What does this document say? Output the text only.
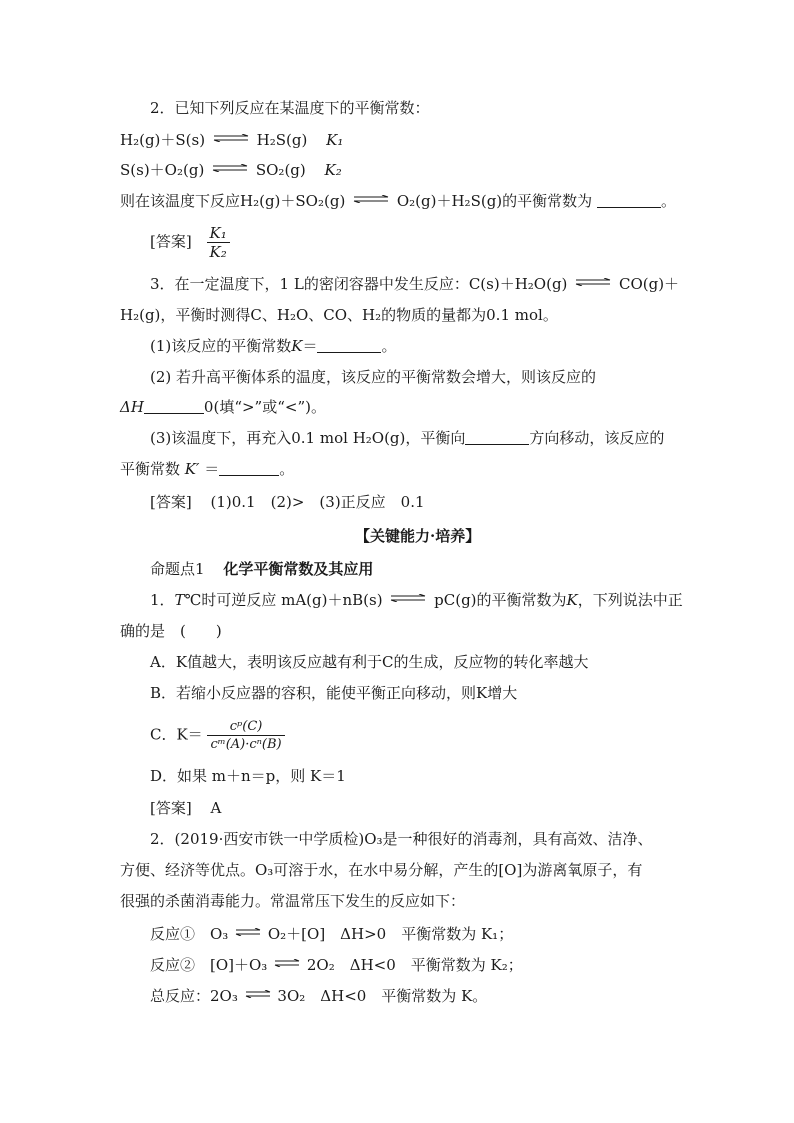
2．已知下列反应在某温度下的平衡常数：
H₂(g)＋S(s) ⇌ H₂S(g) K₁
S(s)＋O₂(g) ⇌ SO₂(g) K₂
则在该温度下反应H₂(g)＋SO₂(g) ⇌ O₂(g)＋H₂S(g)的平衡常数为	。
[答案] $\frac{\text{K₁}}{\text{K₂}}$
3．在一定温度下，1 L的密闭容器中发生反应：C(s)＋H₂O(g) ⇌ CO(g)＋
H₂(g)，平衡时测得C、H₂O、CO、H₂的物质的量都为0.1 mol。
(1)该反应的平衡常数K＝	。
(2) 若升高平衡体系的温度，该反应的平衡常数会增大，则该反应的
ΔH	0(填“>”或“<”)。
(3)该温度下，再充入0.1 mol H₂O(g)，平衡向	方向移动，该反应的
平衡常数 K′ ＝	。
[答案] (1)0.1　(2)>　(3)正反应　0.1
【关键能力·培养】
命题点1 化学平衡常数及其应用
1．T℃时可逆反应 mA(g)＋nB(s) ⇌ pC(g)的平衡常数为K，下列说法中正
确的是　(　　)
A．K值越大，表明该反应越有利于C的生成，反应物的转化率越大
B．若缩小反应器的容积，能使平衡正向移动，则K增大
C．$K= \frac{\text{cᵖ(C)}}{\text{cᵐ(A)·cⁿ(B)}}$
D．如果 m＋n＝p，则 K＝1
[答案] A
2．(2019·西安市铁一中学质检)O₃是一种很好的消毒剂，具有高效、洁净、
方便、经济等优点。O₃可溶于水，在水中易分解，产生的[O]为游离氧原子，有
很强的杀菌消毒能力。常温常压下发生的反应如下：
反应①　O₃ ⇌ O₂＋[O]　ΔH>0　平衡常数为 K₁；
反应②　[O]＋O₃ ⇌ 2O₂　ΔH<0　平衡常数为 K₂；
总反应：2O₃ ⇌ 3O₂　ΔH<0　平衡常数为 K。
